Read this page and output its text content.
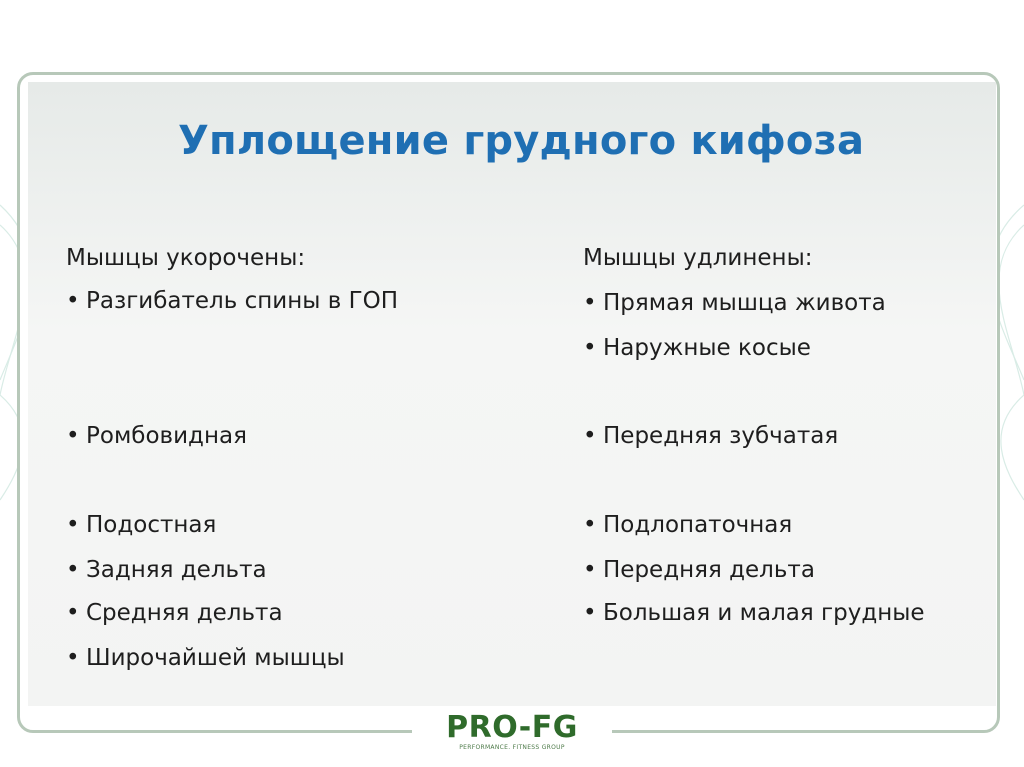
Уплощение грудного кифоза
Мышцы укорочены:
• Разгибатель спины в ГОП
• Ромбовидная
• Подостная
• Задняя дельта
• Средняя дельта
• Широчайшей мышцы
Мышцы удлинены:
• Прямая мышца живота
• Наружные косые
• Передняя зубчатая
• Подлопаточная
• Передняя дельта
• Большая и малая грудные
PRO-FG
PERFORMANCE. FITNESS GROUP
